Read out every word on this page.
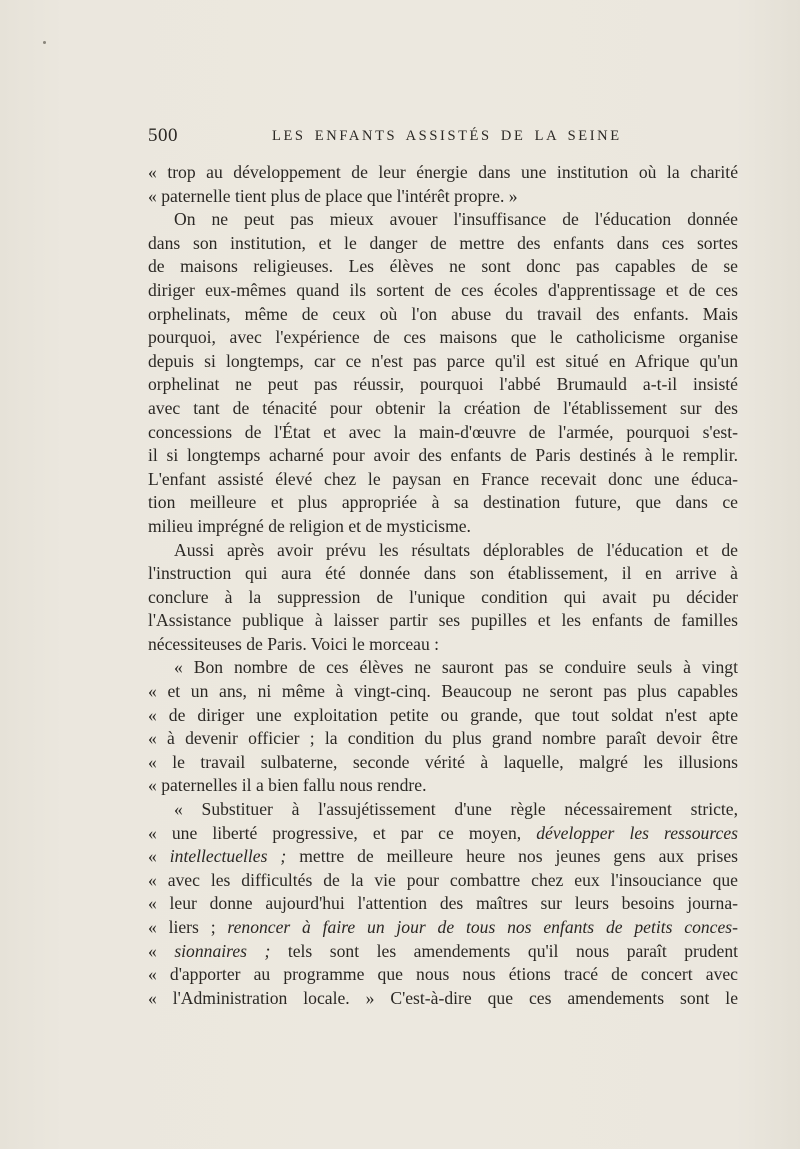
500	LES ENFANTS ASSISTÉS DE LA SEINE
« trop au développement de leur énergie dans une institution où la charité
« paternelle tient plus de place que l'intérêt propre. »
On ne peut pas mieux avouer l'insuffisance de l'éducation donnée
dans son institution, et le danger de mettre des enfants dans ces sortes
de maisons religieuses. Les élèves ne sont donc pas capables de se
diriger eux-mêmes quand ils sortent de ces écoles d'apprentissage et de ces
orphelinats, même de ceux où l'on abuse du travail des enfants. Mais
pourquoi, avec l'expérience de ces maisons que le catholicisme organise
depuis si longtemps, car ce n'est pas parce qu'il est situé en Afrique qu'un
orphelinat ne peut pas réussir, pourquoi l'abbé Brumauld a-t-il insisté
avec tant de ténacité pour obtenir la création de l'établissement sur des
concessions de l'État et avec la main-d'œuvre de l'armée, pourquoi s'est-
il si longtemps acharné pour avoir des enfants de Paris destinés à le remplir.
L'enfant assisté élevé chez le paysan en France recevait donc une éduca-
tion meilleure et plus appropriée à sa destination future, que dans ce
milieu imprégné de religion et de mysticisme.
Aussi après avoir prévu les résultats déplorables de l'éducation et de
l'instruction qui aura été donnée dans son établissement, il en arrive à
conclure à la suppression de l'unique condition qui avait pu décider
l'Assistance publique à laisser partir ses pupilles et les enfants de familles
nécessiteuses de Paris. Voici le morceau :
« Bon nombre de ces élèves ne sauront pas se conduire seuls à vingt
« et un ans, ni même à vingt-cinq. Beaucoup ne seront pas plus capables
« de diriger une exploitation petite ou grande, que tout soldat n'est apte
« à devenir officier ; la condition du plus grand nombre paraît devoir être
« le travail sulbaterne, seconde vérité à laquelle, malgré les illusions
« paternelles il a bien fallu nous rendre.
« Substituer à l'assujétissement d'une règle nécessairement stricte,
« une liberté progressive, et par ce moyen, développer les ressources
« intellectuelles ; mettre de meilleure heure nos jeunes gens aux prises
« avec les difficultés de la vie pour combattre chez eux l'insouciance que
« leur donne aujourd'hui l'attention des maîtres sur leurs besoins journa-
« liers ; renoncer à faire un jour de tous nos enfants de petits conces-
« sionnaires ; tels sont les amendements qu'il nous paraît prudent
« d'apporter au programme que nous nous étions tracé de concert avec
« l'Administration locale. » C'est-à-dire que ces amendements sont le
